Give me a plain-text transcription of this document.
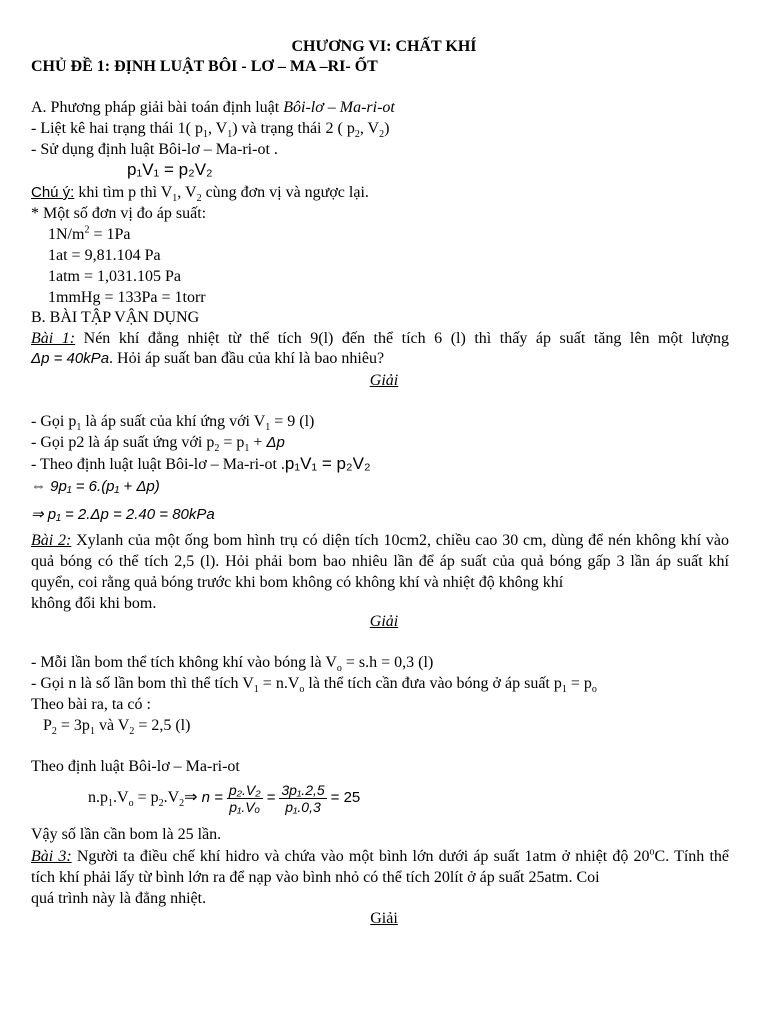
CHƯƠNG VI: CHẤT KHÍ
CHỦ ĐỀ 1: ĐỊNH LUẬT BÔI - LƠ – MA –RI- ỐT
A. Phương pháp giải bài toán định luật Bôi-lơ – Ma-ri-ot
- Liệt kê hai trạng thái 1( $p_1$, $V_1$) và trạng thái 2 ( $p_2$, $V_2$)
- Sử dụng định luật Bôi-lơ – Ma-ri-ot .
p₁V₁ = p₂V₂
Chú ý: khi tìm p thì $V_1$, $V_2$ cùng đơn vị và ngược lại.
* Một số đơn vị đo áp suất:
$1N/m^2 = 1Pa$
1at = 9,81.104 Pa
1atm = 1,031.105 Pa
1mmHg = 133Pa = 1torr
B. BÀI TẬP VẬN DỤNG
Bài 1: Nén khí đẳng nhiệt từ thể tích 9(l) đến thể tích 6 (l) thì thấy áp suất tăng lên một lượng
Δp = 40kPa. Hỏi áp suất ban đầu của khí là bao nhiêu?
Giải
- Gọi $p_1$ là áp suất của khí ứng với $V_1 = 9$ (l)
- Gọi p2 là áp suất ứng với $p_2 = p_1 + \Delta p$
- Theo định luật luật Bôi-lơ – Ma-ri-ot .p₁V₁ = p₂V₂
⇔ 9p₁ = 6.(p₁ + Δp)
⇒ p₁ = 2.Δp = 2.40 = 80kPa
Bài 2: Xylanh của một ống bom hình trụ có diện tích 10cm2, chiều cao 30 cm, dùng để nén không khí vào quả bóng có thể tích 2,5 (l). Hỏi phải bom bao nhiêu lần để áp suất của quả bóng gấp 3 lần áp suất khí quyển, coi rằng quả bóng trước khi bom không có không khí và nhiệt độ không khí
không đổi khi bom.
Giải
- Mỗi lần bom thể tích không khí vào bóng là $V_o = s.h = 0,3$ (l)
- Gọi n là số lần bom thì thể tích $V_1 = n.V_o$ là thể tích cần đưa vào bóng ở áp suất $p_1 = p_o$
Theo bài ra, ta có :
$P_2 = 3p_1$ và $V_2 = 2,5$ (l)
Theo định luật Bôi-lơ – Ma-ri-ot
$n.p_1.V_o$ = $p_2.V_2\Rightarrow$ $n = \frac{\text{p₂.V₂}}{\text{p₁.Vₒ}} = \frac{\text{3p₁.2,5}}{\text{p₁.0,3}} = 25$
Vậy số lần cần bom là 25 lần.
Bài 3: Người ta điều chế khí hidro và chứa vào một bình lớn dưới áp suất 1atm ở nhiệt độ 20$^o$C. Tính thể tích khí phải lấy từ bình lớn ra để nạp vào bình nhỏ có thể tích 20lít ở áp suất 25atm. Coi
quá trình này là đẳng nhiệt.
Giải
